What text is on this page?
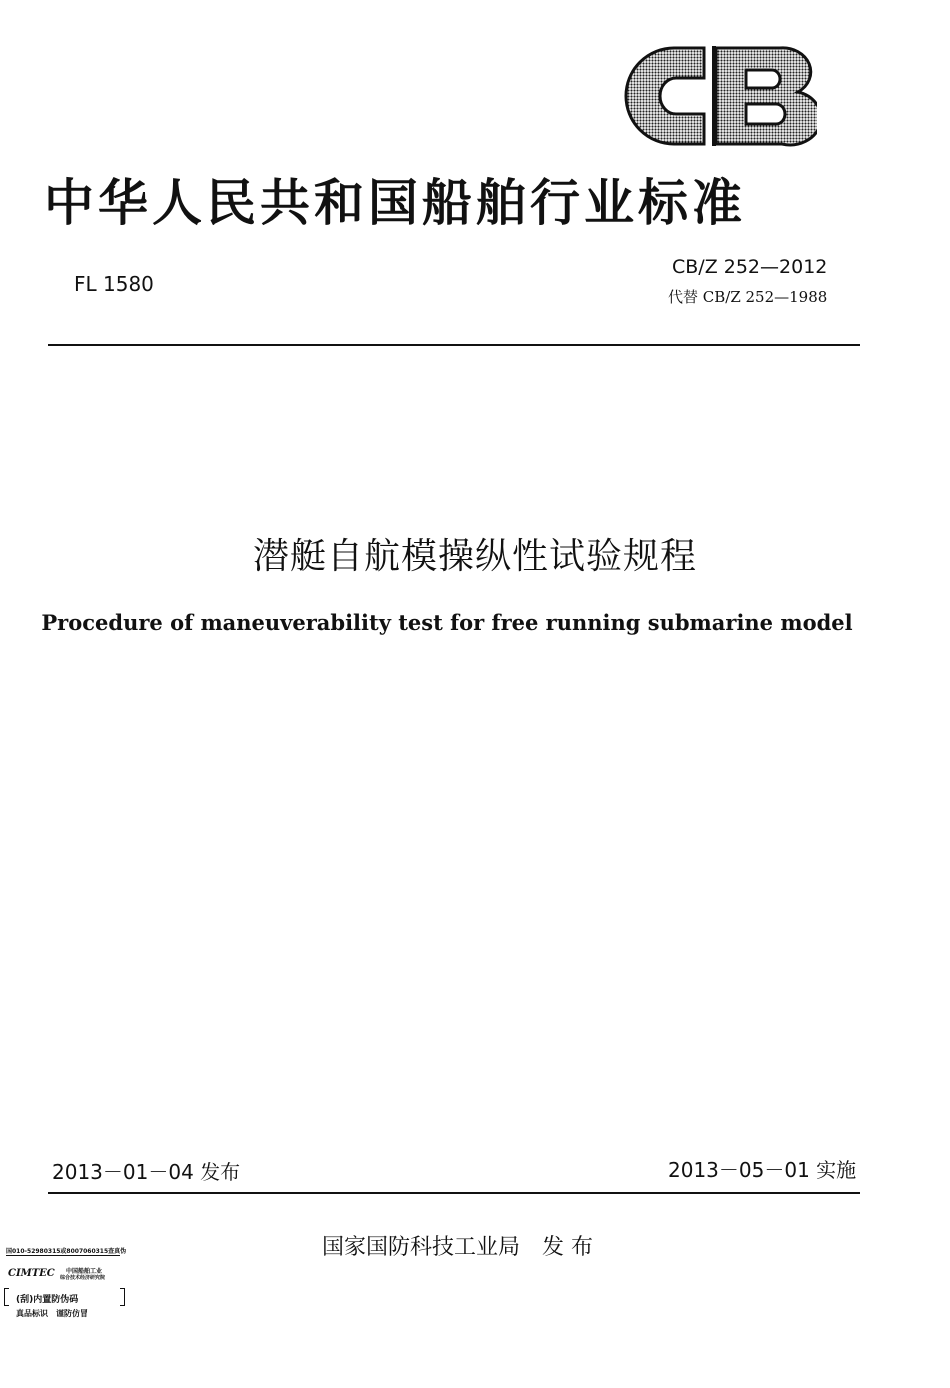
中华人民共和国船舶行业标准
FL 1580
CB/Z 252—2012
代替 CB/Z 252—1988
潜艇自航模操纵性试验规程
Procedure of maneuverability test for free running submarine model
2013－01－04 发布	2013－05－01 实施
国家国防科技工业局　发 布
国010-52980315或8007060315查真伪
CIMTEC 中国船舶工业
综合技术经济研究院
(刮)内置防伪码
真品标识　谨防仿冒
